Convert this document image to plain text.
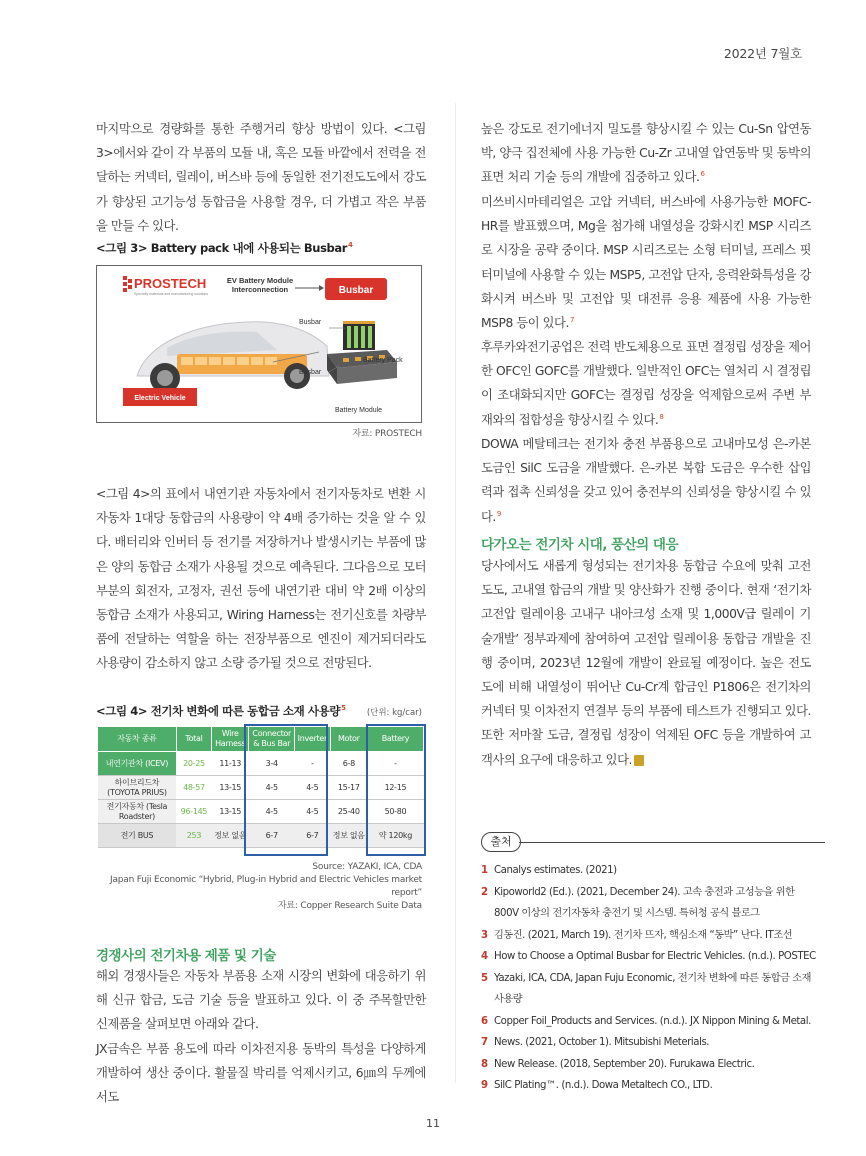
2022년 7월호

마지막으로 경량화를 통한 주행거리 향상 방법이 있다. <그림 3>에서와 같이 각 부품의 모듈 내, 혹은 모듈 바깥에서 전력을 전달하는 커넥터, 릴레이, 버스바 등에 동일한 전기전도도에서 강도가 향상된 고기능성 동합금을 사용할 경우, 더 가볍고 작은 부품을 만들 수 있다.

<그림 3> Battery pack 내에 사용되는 Busbar$^4$
PROSTECH
Specialty materials and manufacturing solutions
EV Battery Module Interconnection	Busbar
Busbar
Busbar
Battery Pack
Battery Module
Electric Vehicle
자료: PROSTECH

<그림 4>의 표에서 내연기관 자동차에서 전기자동차로 변환 시 자동차 1대당 동합금의 사용량이 약 4배 증가하는 것을 알 수 있다. 배터리와 인버터 등 전기를 저장하거나 발생시키는 부품에 많은 양의 동합금 소재가 사용될 것으로 예측된다. 그다음으로 모터 부분의 회전자, 고정자, 권선 등에 내연기관 대비 약 2배 이상의 동합금 소재가 사용되고, Wiring Harness는 전기신호를 차량부품에 전달하는 역할을 하는 전장부품으로 엔진이 제거되더라도 사용량이 감소하지 않고 소량 증가될 것으로 전망된다.

<그림 4> 전기차 변화에 따른 동합금 소재 사용량$^5$	(단위: kg/car)
자동차 종류	Total	Wire Harness	Connector & Bus Bar	Inverter	Motor	Battery
내연기관차 (ICEV)	20-25	11-13	3-4	-	6-8	-
하이브리드차 (TOYOTA PRIUS)	48-57	13-15	4-5	4-5	15-17	12-15
전기자동차 (Tesla Roadster)	96-145	13-15	4-5	4-5	25-40	50-80
전기 BUS	253	정보 없음	6-7	6-7	정보 없음	약 120kg
Source: YAZAKI, ICA, CDA
Japan Fuji Economic “Hybrid, Plug-in Hybrid and Electric Vehicles market report”
자료: Copper Research Suite Data
경쟁사의 전기차용 제품 및 기술

해외 경쟁사들은 자동차 부품용 소재 시장의 변화에 대응하기 위해 신규 합금, 도금 기술 등을 발표하고 있다. 이 중 주목할만한 신제품을 살펴보면 아래와 같다.

JX금속은 부품 용도에 따라 이차전지용 동박의 특성을 다양하게 개발하여 생산 중이다. 활물질 박리를 억제시키고, 6㎛의 두께에서도

높은 강도로 전기에너지 밀도를 향상시킬 수 있는 Cu-Sn 압연동박, 양극 집전체에 사용 가능한 Cu-Zr 고내열 압연동박 및 동박의 표면 처리 기술 등의 개발에 집중하고 있다.$^6$

미쓰비시마테리얼은 고압 커넥터, 버스바에 사용가능한 MOFC-HR를 발표했으며, Mg을 첨가해 내열성을 강화시킨 MSP 시리즈로 시장을 공략 중이다. MSP 시리즈로는 소형 터미널, 프레스 핏 터미널에 사용할 수 있는 MSP5, 고전압 단자, 응력완화특성을 강화시켜 버스바 및 고전압 및 대전류 응용 제품에 사용 가능한 MSP8 등이 있다.$^7$

후루카와전기공업은 전력 반도체용으로 표면 결정립 성장을 제어한 OFC인 GOFC를 개발했다. 일반적인 OFC는 열처리 시 결정립이 조대화되지만 GOFC는 결정립 성장을 억제함으로써 주변 부재와의 접합성을 향상시킬 수 있다.$^8$

DOWA 메탈테크는 전기차 충전 부품용으로 고내마모성 은-카본 도금인 SilC 도금을 개발했다. 은-카본 복합 도금은 우수한 삽입력과 접촉 신뢰성을 갖고 있어 충전부의 신뢰성을 향상시킬 수 있다.$^9$

다가오는 전기차 시대, 풍산의 대응

당사에서도 새롭게 형성되는 전기차용 동합금 수요에 맞춰 고전도도, 고내열 합금의 개발 및 양산화가 진행 중이다. 현재 ‘전기차 고전압 릴레이용 고내구 내아크성 소재 및 1,000V급 릴레이 기술개발’ 정부과제에 참여하여 고전압 릴레이용 동합금 개발을 진행 중이며, 2023년 12월에 개발이 완료될 예정이다. 높은 전도도에 비해 내열성이 뛰어난 Cu-Cr계 합금인 P1806은 전기차의 커넥터 및 이차전지 연결부 등의 부품에 테스트가 진행되고 있다. 또한 저마찰 도금, 결정립 성장이 억제된 OFC 등을 개발하여 고객사의 요구에 대응하고 있다.

출처
1 Canalys estimates. (2021)
2 Kipoworld2 (Ed.). (2021, December 24). 고속 충전과 고성능을 위한 800V 이상의 전기자동차 충전기 및 시스템. 특허청 공식 블로그
3 김동진. (2021, March 19). 전기차 뜨자, 핵심소재 “동박” 난다. IT조선
4 How to Choose a Optimal Busbar for Electric Vehicles. (n.d.). POSTEC
5 Yazaki, ICA, CDA, Japan Fuju Economic, 전기차 변화에 따른 동합금 소재 사용량
6 Copper Foil_Products and Services. (n.d.). JX Nippon Mining & Metal.
7 News. (2021, October 1). Mitsubishi Meterials.
8 New Release. (2018, September 20). Furukawa Electric.
9 SilC Plating™. (n.d.). Dowa Metaltech CO., LTD.
11
